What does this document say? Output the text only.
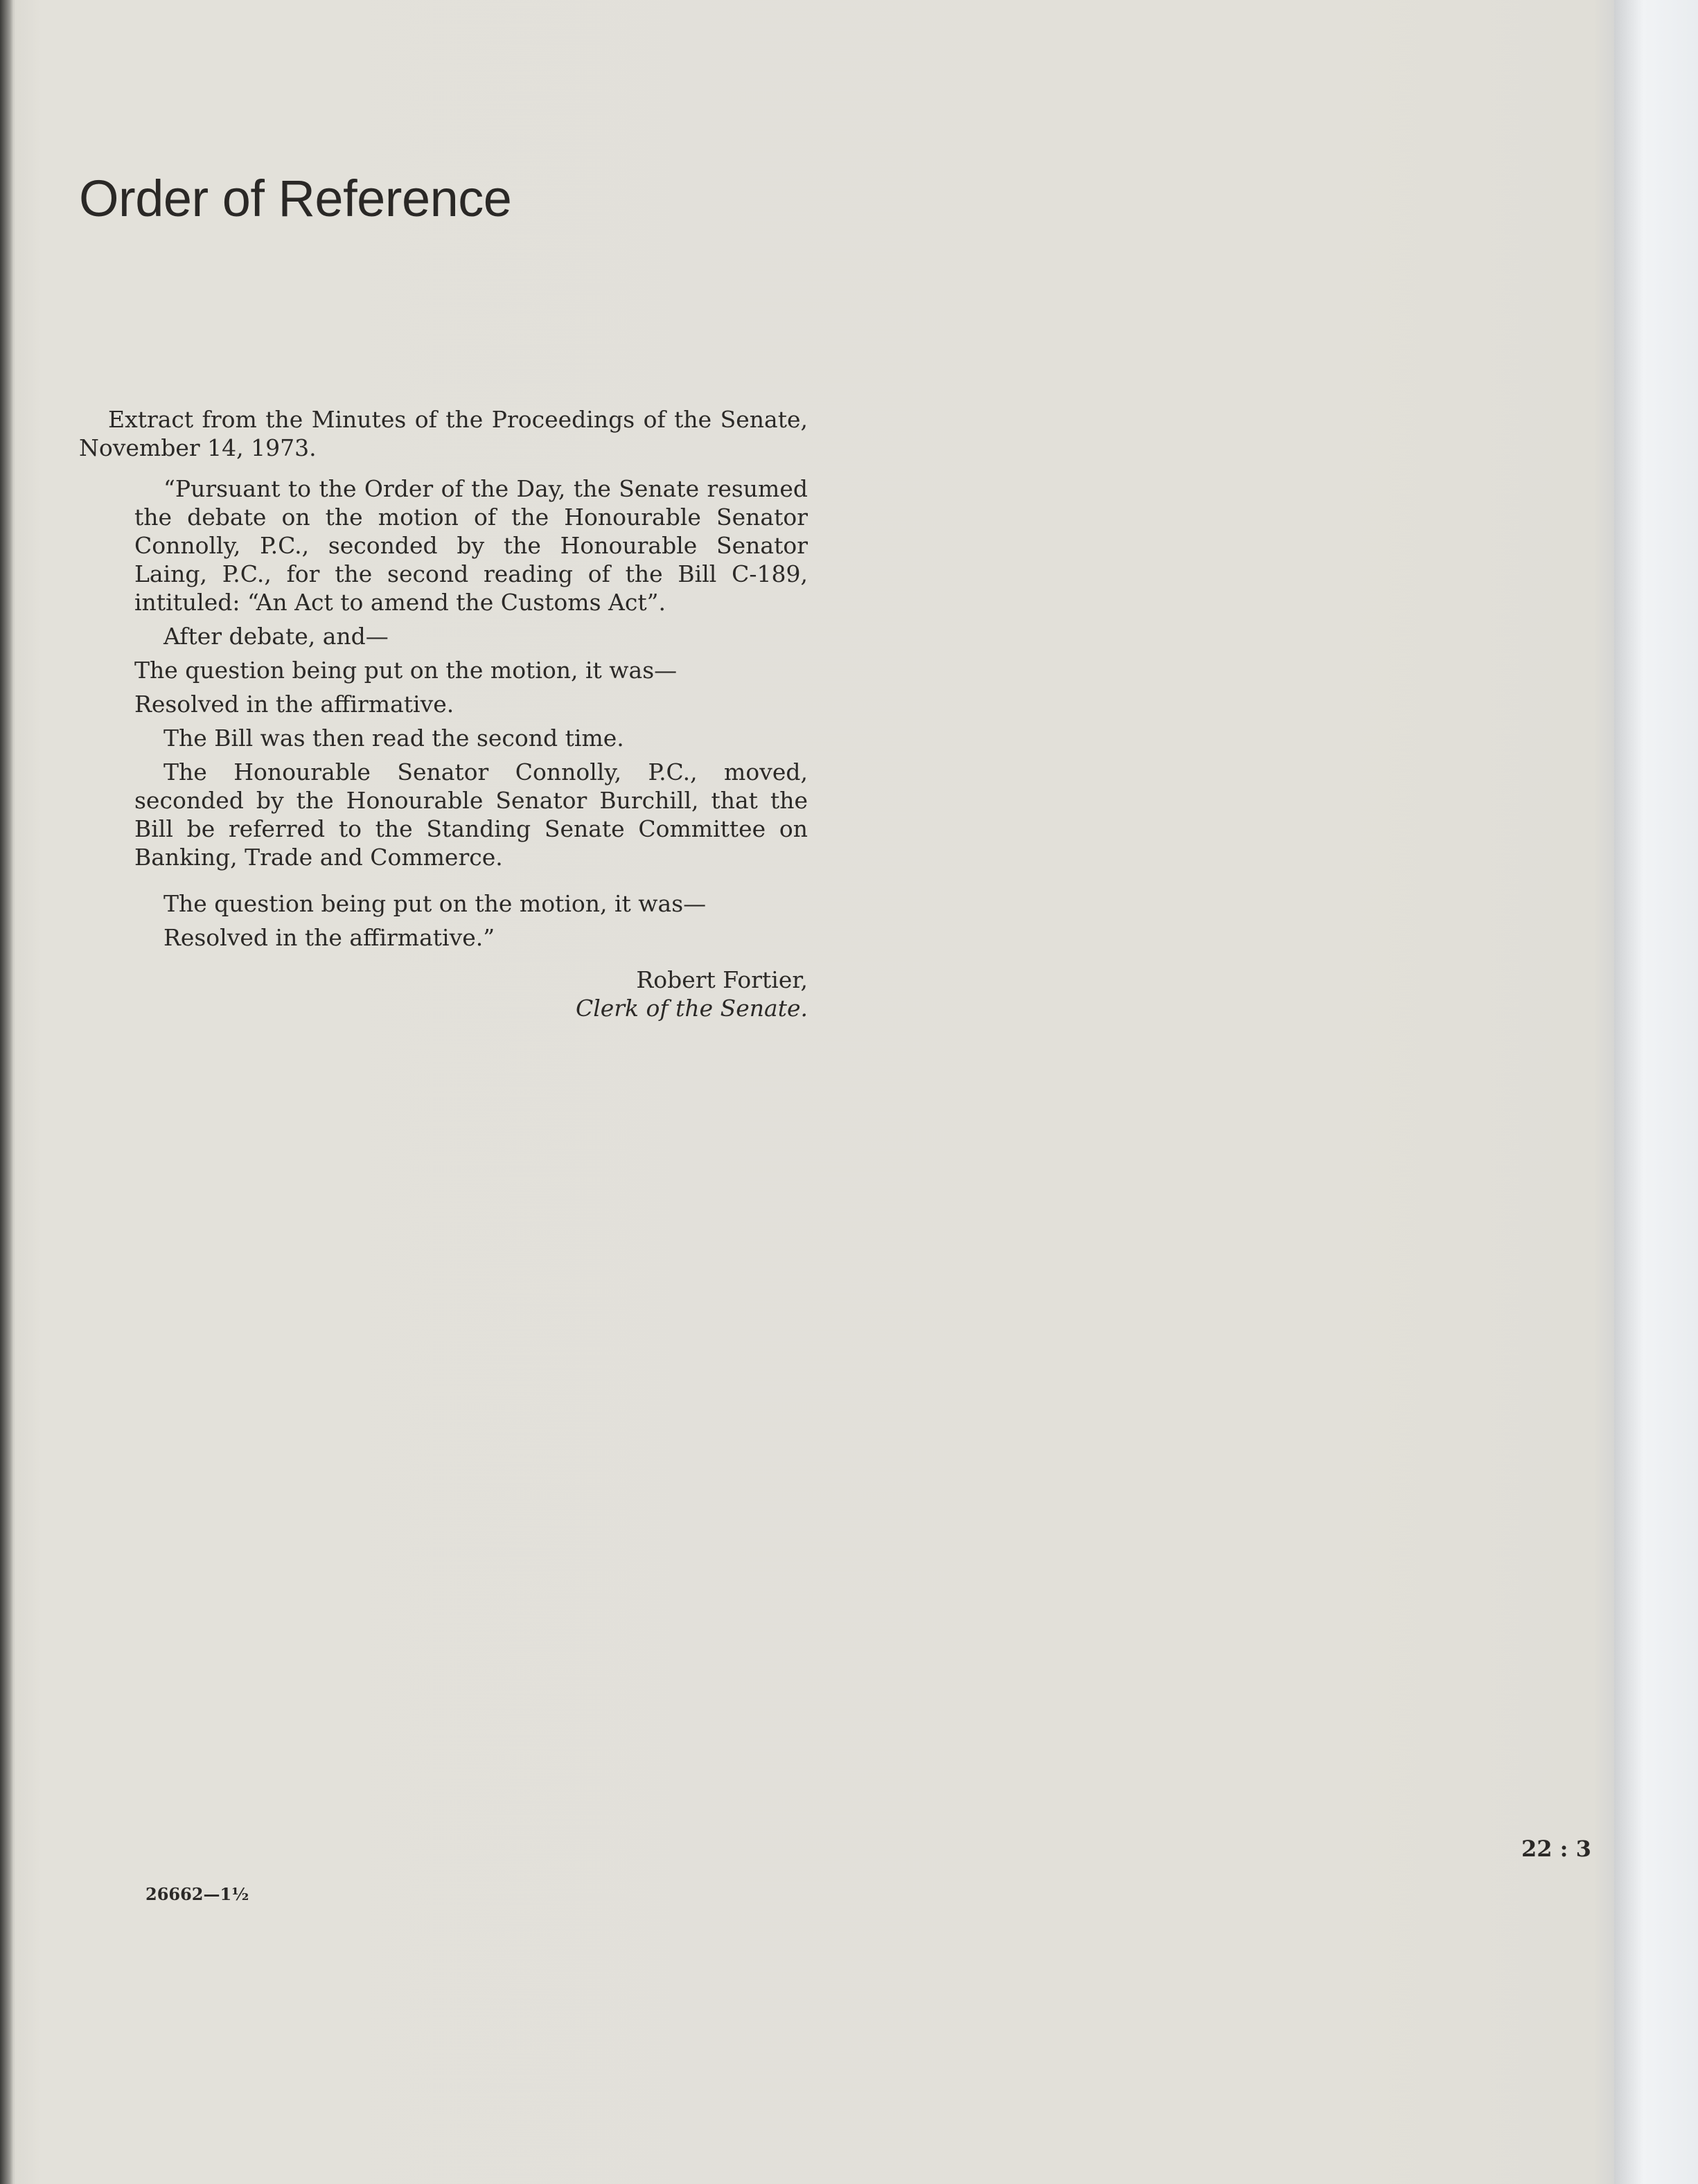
Order of Reference

Extract from the Minutes of the Proceedings of the Senate, November 14, 1973.

“Pursuant to the Order of the Day, the Senate resumed the debate on the motion of the Honourable Senator Connolly, P.C., seconded by the Honourable Senator Laing, P.C., for the second reading of the Bill C-189, intituled: “An Act to amend the Customs Act”.

After debate, and—

The question being put on the motion, it was—

Resolved in the affirmative.

The Bill was then read the second time.

The Honourable Senator Connolly, P.C., moved, seconded by the Honourable Senator Burchill, that the Bill be referred to the Standing Senate Committee on Banking, Trade and Commerce.

The question being put on the motion, it was—

Resolved in the affirmative.”

Robert Fortier,

Clerk of the Senate.

26662—1½
22 : 3
